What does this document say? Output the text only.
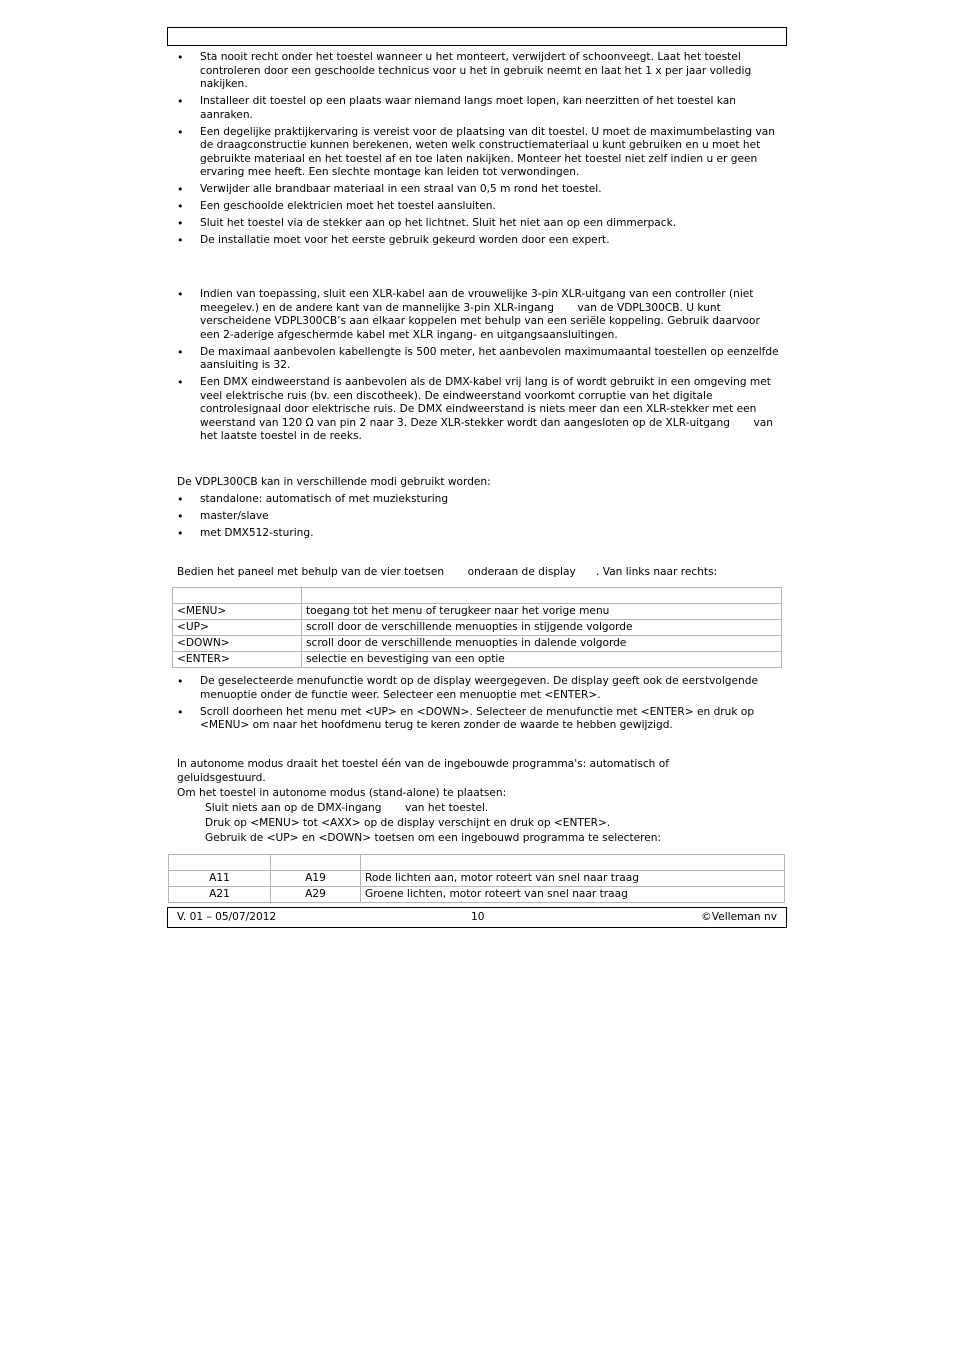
• Sta nooit recht onder het toestel wanneer u het monteert, verwijdert of schoonveegt. Laat het toestel controleren door een geschoolde technicus voor u het in gebruik neemt en laat het 1 x per jaar volledig nakijken.
• Installeer dit toestel op een plaats waar niemand langs moet lopen, kan neerzitten of het toestel kan aanraken.
• Een degelijke praktijkervaring is vereist voor de plaatsing van dit toestel. U moet de maximumbelasting van de draagconstructie kunnen berekenen, weten welk constructiemateriaal u kunt gebruiken en u moet het gebruikte materiaal en het toestel af en toe laten nakijken. Monteer het toestel niet zelf indien u er geen ervaring mee heeft. Een slechte montage kan leiden tot verwondingen.
• Verwijder alle brandbaar materiaal in een straal van 0,5 m rond het toestel.
• Een geschoolde elektricien moet het toestel aansluiten.
• Sluit het toestel via de stekker aan op het lichtnet. Sluit het niet aan op een dimmerpack.
• De installatie moet voor het eerste gebruik gekeurd worden door een expert.
• Indien van toepassing, sluit een XLR-kabel aan de vrouwelijke 3-pin XLR-uitgang van een controller (niet meegelev.) en de andere kant van de mannelijke 3-pin XLR-ingang       van de VDPL300CB. U kunt verscheidene VDPL300CB’s aan elkaar koppelen met behulp van een seriële koppeling. Gebruik daarvoor een 2-aderige afgeschermde kabel met XLR ingang- en uitgangsaansluitingen.
• De maximaal aanbevolen kabellengte is 500 meter, het aanbevolen maximumaantal toestellen op eenzelfde aansluiting is 32.
• Een DMX eindweerstand is aanbevolen als de DMX-kabel vrij lang is of wordt gebruikt in een omgeving met veel elektrische ruis (bv. een discotheek). De eindweerstand voorkomt corruptie van het digitale controlesignaal door elektrische ruis. De DMX eindweerstand is niets meer dan een XLR-stekker met een weerstand van 120 Ω van pin 2 naar 3. Deze XLR-stekker wordt dan aangesloten op de XLR-uitgang       van het laatste toestel in de reeks.

De VDPL300CB kan in verschillende modi gebruikt worden:

• standalone: automatisch of met muzieksturing
• master/slave
• met DMX512-sturing.

Bedien het paneel met behulp van de vier toetsen       onderaan de display      . Van links naar rechts:

<MENU>	toegang tot het menu of terugkeer naar het vorige menu
<UP>	scroll door de verschillende menuopties in stijgende volgorde
<DOWN>	scroll door de verschillende menuopties in dalende volgorde
<ENTER>	selectie en bevestiging van een optie
• De geselecteerde menufunctie wordt op de display weergegeven. De display geeft ook de eerstvolgende menuoptie onder de functie weer. Selecteer een menuoptie met <ENTER>.
• Scroll doorheen het menu met <UP> en <DOWN>. Selecteer de menufunctie met <ENTER> en druk op <MENU> om naar het hoofdmenu terug te keren zonder de waarde te hebben gewijzigd.

In autonome modus draait het toestel één van de ingebouwde programma's: automatisch of geluidsgestuurd.

Om het toestel in autonome modus (stand-alone) te plaatsen:

Sluit niets aan op de DMX-ingang       van het toestel.

Druk op <MENU> tot <AXX> op de display verschijnt en druk op <ENTER>.

Gebruik de <UP> en <DOWN> toetsen om een ingebouwd programma te selecteren:

A11	A19	Rode lichten aan, motor roteert van snel naar traag
A21	A29	Groene lichten, motor roteert van snel naar traag
V. 01 – 05/07/2012	10	©Velleman nv
